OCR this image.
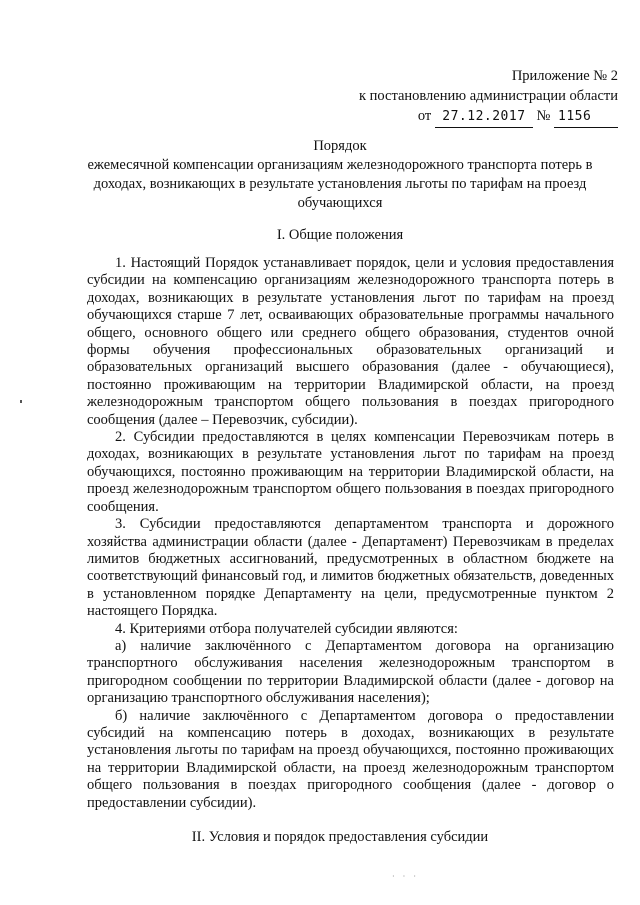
Приложение № 2
к постановлению администрации области
от 27.12.2017 № 1156
Порядок
ежемесячной компенсации организациям железнодорожного транспорта потерь в
доходах, возникающих в результате установления льготы по тарифам на проезд
обучающихся
I. Общие положения

1. Настоящий Порядок устанавливает порядок, цели и условия предоставления субсидии на компенсацию организациям железнодорожного транспорта потерь в доходах, возникающих в результате установления льгот по тарифам на проезд обучающихся старше 7 лет, осваивающих образовательные программы начального общего, основного общего или среднего общего образования, студентов очной формы обучения профессиональных образовательных организаций и образовательных организаций высшего образования (далее - обучающиеся), постоянно проживающим на территории Владимирской области, на проезд железнодорожным транспортом общего пользования в поездах пригородного сообщения (далее – Перевозчик, субсидии).

2. Субсидии предоставляются в целях компенсации Перевозчикам потерь в доходах, возникающих в результате установления льгот по тарифам на проезд обучающихся, постоянно проживающим на территории Владимирской области, на проезд железнодорожным транспортом общего пользования в поездах пригородного сообщения.

3. Субсидии предоставляются департаментом транспорта и дорожного хозяйства администрации области (далее - Департамент) Перевозчикам в пределах лимитов бюджетных ассигнований, предусмотренных в областном бюджете на соответствующий финансовый год, и лимитов бюджетных обязательств, доведенных в установленном порядке Департаменту на цели, предусмотренные пунктом 2 настоящего Порядка.

4. Критериями отбора получателей субсидии являются:

а) наличие заключённого с Департаментом договора на организацию транспортного обслуживания населения железнодорожным транспортом в пригородном сообщении по территории Владимирской области (далее - договор на организацию транспортного обслуживания населения);

б) наличие заключённого с Департаментом договора о предоставлении субсидий на компенсацию потерь в доходах, возникающих в результате установления льготы по тарифам на проезд обучающихся, постоянно проживающих на территории Владимирской области, на проезд железнодорожным транспортом общего пользования в поездах пригородного сообщения (далее - договор о предоставлении субсидии).

II. Условия и порядок предоставления субсидии
· · ·
